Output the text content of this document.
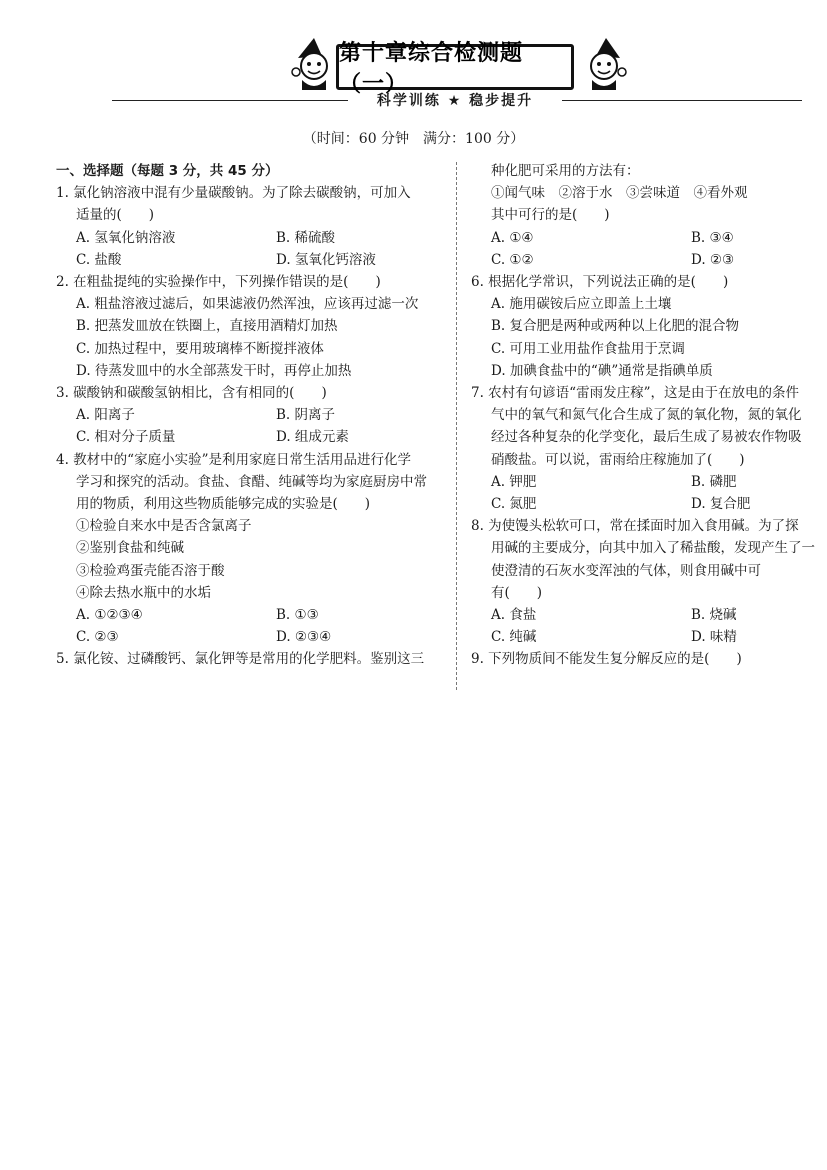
第十章综合检测题（一）
科学训练 ★ 稳步提升
（时间：60 分钟　满分：100 分）
一、选择题（每题 3 分，共 45 分）
1. 氯化钠溶液中混有少量碳酸钠。为了除去碳酸钠，可加入
适量的(　　)
A. 氢氧化钠溶液	B. 稀硫酸
C. 盐酸	D. 氢氧化钙溶液
2. 在粗盐提纯的实验操作中，下列操作错误的是(　　)
A. 粗盐溶液过滤后，如果滤液仍然浑浊，应该再过滤一次
B. 把蒸发皿放在铁圈上，直接用酒精灯加热
C. 加热过程中，要用玻璃棒不断搅拌液体
D. 待蒸发皿中的水全部蒸发干时，再停止加热
3. 碳酸钠和碳酸氢钠相比，含有相同的(　　)
A. 阳离子	B. 阴离子
C. 相对分子质量	D. 组成元素
4. 教材中的“家庭小实验”是利用家庭日常生活用品进行化学
学习和探究的活动。食盐、食醋、纯碱等均为家庭厨房中常
用的物质，利用这些物质能够完成的实验是(　　)
①检验自来水中是否含氯离子
②鉴别食盐和纯碱
③检验鸡蛋壳能否溶于酸
④除去热水瓶中的水垢
A. ①②③④	B. ①③
C. ②③	D. ②③④
5. 氯化铵、过磷酸钙、氯化钾等是常用的化学肥料。鉴别这三
种化肥可采用的方法有：
①闻气味　②溶于水　③尝味道　④看外观
其中可行的是(　　)
A. ①④	B. ③④
C. ①②	D. ②③
6. 根据化学常识，下列说法正确的是(　　)
A. 施用碳铵后应立即盖上土壤
B. 复合肥是两种或两种以上化肥的混合物
C. 可用工业用盐作食盐用于烹调
D. 加碘食盐中的“碘”通常是指碘单质
7. 农村有句谚语“雷雨发庄稼”，这是由于在放电的条件
气中的氧气和氮气化合生成了氮的氧化物，氮的氧化
经过各种复杂的化学变化，最后生成了易被农作物吸
硝酸盐。可以说，雷雨给庄稼施加了(　　)
A. 钾肥	B. 磷肥
C. 氮肥	D. 复合肥
8. 为使馒头松软可口，常在揉面时加入食用碱。为了探
用碱的主要成分，向其中加入了稀盐酸，发现产生了一
使澄清的石灰水变浑浊的气体，则食用碱中可
有(　　)
A. 食盐	B. 烧碱
C. 纯碱	D. 味精
9. 下列物质间不能发生复分解反应的是(　　)
